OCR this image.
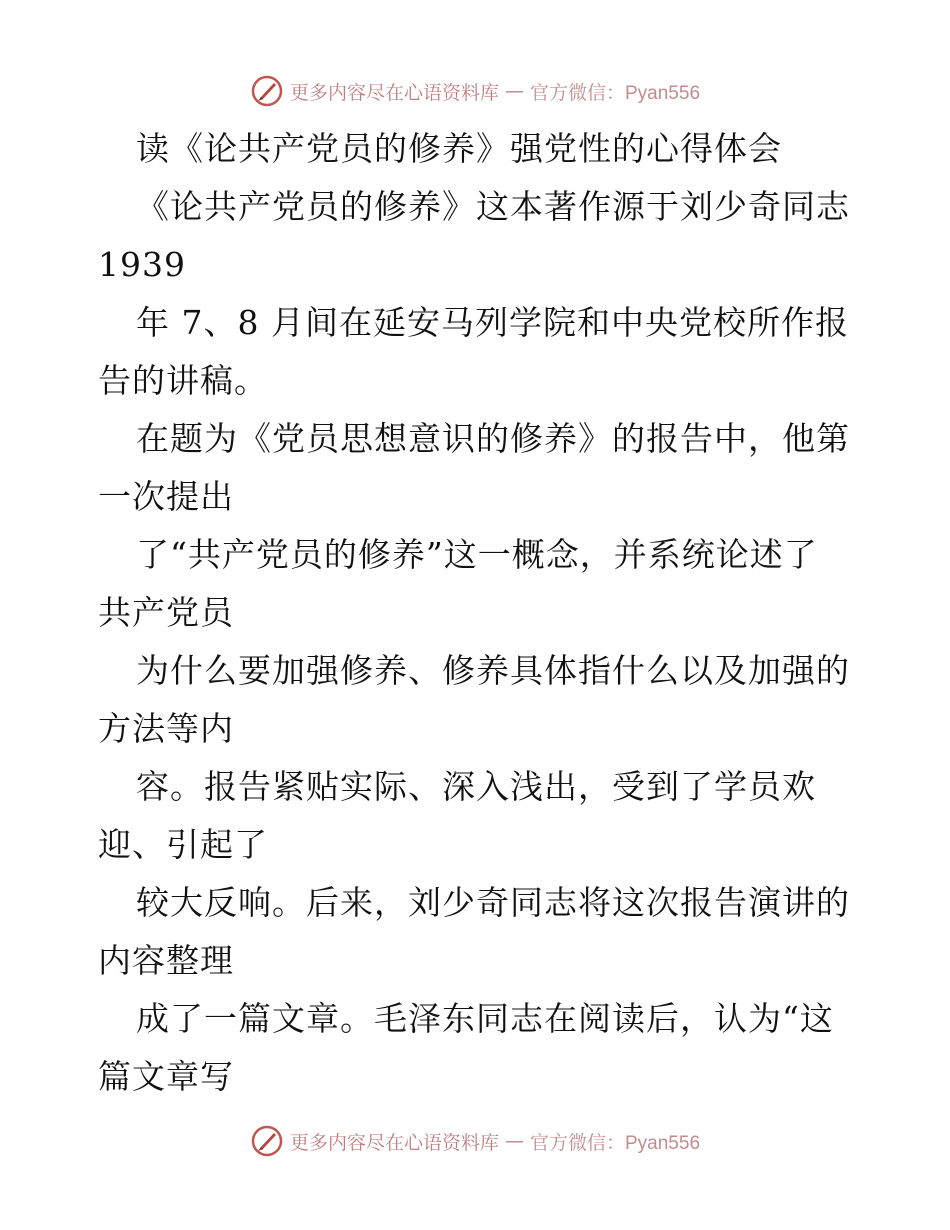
更多内容尽在心语资料库 — 官方微信：Pyan556
读《论共产党员的修养》强党性的心得体会
《论共产党员的修养》这本著作源于刘少奇同志
1939
年 7、8 月间在延安马列学院和中央党校所作报
告的讲稿。
在题为《党员思想意识的修养》的报告中，他第
一次提出
了“共产党员的修养”这一概念，并系统论述了
共产党员
为什么要加强修养、修养具体指什么以及加强的
方法等内
容。报告紧贴实际、深入浅出，受到了学员欢
迎、引起了
较大反响。后来，刘少奇同志将这次报告演讲的
内容整理
成了一篇文章。毛泽东同志在阅读后，认为“这
篇文章写
更多内容尽在心语资料库 — 官方微信：Pyan556
